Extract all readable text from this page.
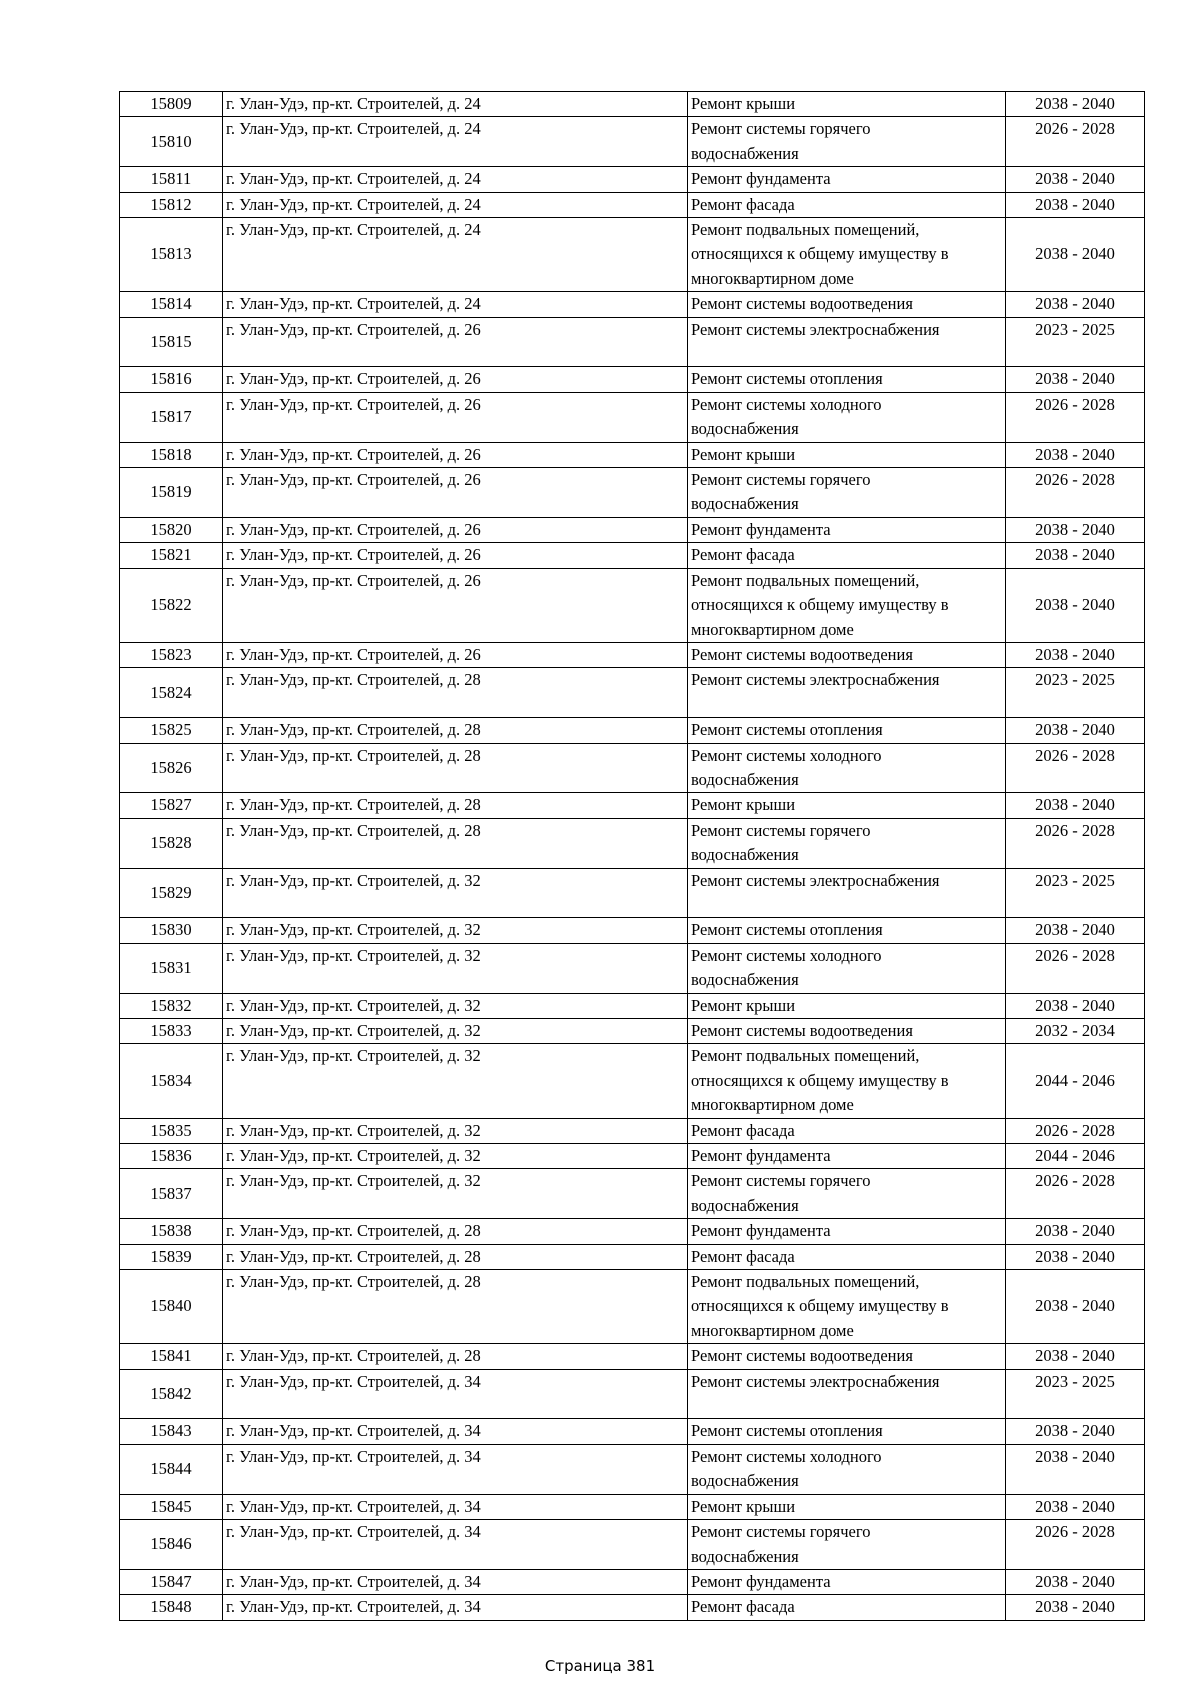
15809	г. Улан-Удэ, пр-кт. Строителей, д. 24	Ремонт крыши	2038 - 2040
15810	г. Улан-Удэ, пр-кт. Строителей, д. 24	Ремонт системы горячего
водоснабжения	2026 - 2028
15811	г. Улан-Удэ, пр-кт. Строителей, д. 24	Ремонт фундамента	2038 - 2040
15812	г. Улан-Удэ, пр-кт. Строителей, д. 24	Ремонт фасада	2038 - 2040
15813	г. Улан-Удэ, пр-кт. Строителей, д. 24	Ремонт подвальных помещений,
относящихся к общему имуществу в
многоквартирном доме	2038 - 2040
15814	г. Улан-Удэ, пр-кт. Строителей, д. 24	Ремонт системы водоотведения	2038 - 2040
15815	г. Улан-Удэ, пр-кт. Строителей, д. 26	Ремонт системы электроснабжения	2023 - 2025
15816	г. Улан-Удэ, пр-кт. Строителей, д. 26	Ремонт системы отопления	2038 - 2040
15817	г. Улан-Удэ, пр-кт. Строителей, д. 26	Ремонт системы холодного
водоснабжения	2026 - 2028
15818	г. Улан-Удэ, пр-кт. Строителей, д. 26	Ремонт крыши	2038 - 2040
15819	г. Улан-Удэ, пр-кт. Строителей, д. 26	Ремонт системы горячего
водоснабжения	2026 - 2028
15820	г. Улан-Удэ, пр-кт. Строителей, д. 26	Ремонт фундамента	2038 - 2040
15821	г. Улан-Удэ, пр-кт. Строителей, д. 26	Ремонт фасада	2038 - 2040
15822	г. Улан-Удэ, пр-кт. Строителей, д. 26	Ремонт подвальных помещений,
относящихся к общему имуществу в
многоквартирном доме	2038 - 2040
15823	г. Улан-Удэ, пр-кт. Строителей, д. 26	Ремонт системы водоотведения	2038 - 2040
15824	г. Улан-Удэ, пр-кт. Строителей, д. 28	Ремонт системы электроснабжения	2023 - 2025
15825	г. Улан-Удэ, пр-кт. Строителей, д. 28	Ремонт системы отопления	2038 - 2040
15826	г. Улан-Удэ, пр-кт. Строителей, д. 28	Ремонт системы холодного
водоснабжения	2026 - 2028
15827	г. Улан-Удэ, пр-кт. Строителей, д. 28	Ремонт крыши	2038 - 2040
15828	г. Улан-Удэ, пр-кт. Строителей, д. 28	Ремонт системы горячего
водоснабжения	2026 - 2028
15829	г. Улан-Удэ, пр-кт. Строителей, д. 32	Ремонт системы электроснабжения	2023 - 2025
15830	г. Улан-Удэ, пр-кт. Строителей, д. 32	Ремонт системы отопления	2038 - 2040
15831	г. Улан-Удэ, пр-кт. Строителей, д. 32	Ремонт системы холодного
водоснабжения	2026 - 2028
15832	г. Улан-Удэ, пр-кт. Строителей, д. 32	Ремонт крыши	2038 - 2040
15833	г. Улан-Удэ, пр-кт. Строителей, д. 32	Ремонт системы водоотведения	2032 - 2034
15834	г. Улан-Удэ, пр-кт. Строителей, д. 32	Ремонт подвальных помещений,
относящихся к общему имуществу в
многоквартирном доме	2044 - 2046
15835	г. Улан-Удэ, пр-кт. Строителей, д. 32	Ремонт фасада	2026 - 2028
15836	г. Улан-Удэ, пр-кт. Строителей, д. 32	Ремонт фундамента	2044 - 2046
15837	г. Улан-Удэ, пр-кт. Строителей, д. 32	Ремонт системы горячего
водоснабжения	2026 - 2028
15838	г. Улан-Удэ, пр-кт. Строителей, д. 28	Ремонт фундамента	2038 - 2040
15839	г. Улан-Удэ, пр-кт. Строителей, д. 28	Ремонт фасада	2038 - 2040
15840	г. Улан-Удэ, пр-кт. Строителей, д. 28	Ремонт подвальных помещений,
относящихся к общему имуществу в
многоквартирном доме	2038 - 2040
15841	г. Улан-Удэ, пр-кт. Строителей, д. 28	Ремонт системы водоотведения	2038 - 2040
15842	г. Улан-Удэ, пр-кт. Строителей, д. 34	Ремонт системы электроснабжения	2023 - 2025
15843	г. Улан-Удэ, пр-кт. Строителей, д. 34	Ремонт системы отопления	2038 - 2040
15844	г. Улан-Удэ, пр-кт. Строителей, д. 34	Ремонт системы холодного
водоснабжения	2038 - 2040
15845	г. Улан-Удэ, пр-кт. Строителей, д. 34	Ремонт крыши	2038 - 2040
15846	г. Улан-Удэ, пр-кт. Строителей, д. 34	Ремонт системы горячего
водоснабжения	2026 - 2028
15847	г. Улан-Удэ, пр-кт. Строителей, д. 34	Ремонт фундамента	2038 - 2040
15848	г. Улан-Удэ, пр-кт. Строителей, д. 34	Ремонт фасада	2038 - 2040
Страница 381
